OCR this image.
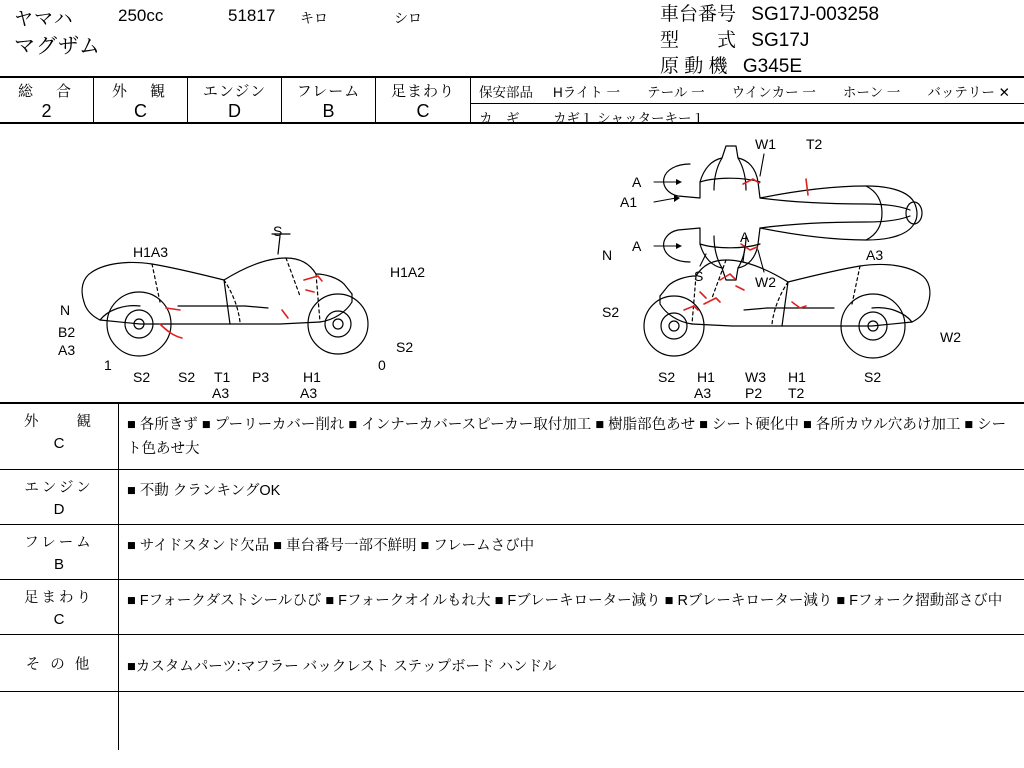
ヤマハ
マグザム
250cc	51817 キロ	シロ	車台番号 SG17J-003258
型　　式 SG17J
原 動 機 G345E
総　合
2
外　観
C
エンジン
D
フレーム
B
足まわり
C
保安部品 Hライト 一　　テール 一　　ウインカー 一　　ホーン 一　　バッテリー ✕
カ　ギ カギ１ シャッターキー１
A
A1
A
W1 T2
S	W2
H1A3
S
H1A2
N
B2
A3
1
S2 S2 T1
A3
P3 H1
A3
0
S2
N
A
A3
S2
S2 H1
A3
W3
P2
H1
T2
S2
W2
外　　観
C
■ 各所きず ■ プーリーカバー削れ ■ インナーカバースピーカー取付加工 ■ 樹脂部色あせ ■ シート硬化中 ■ 各所カウル穴あけ加工 ■ シート色あせ大
エンジン
D
■ 不動 クランキングOK
フレーム
B
■ サイドスタンド欠品 ■ 車台番号一部不鮮明 ■ フレームさび中
足まわり
C
■ Fフォークダストシールひび ■ Fフォークオイルもれ大 ■ Fブレーキローター減り ■ Rブレーキローター減り ■ Fフォーク摺動部さび中
そ の 他	■カスタムパーツ:マフラー バックレスト ステップボード ハンドル
